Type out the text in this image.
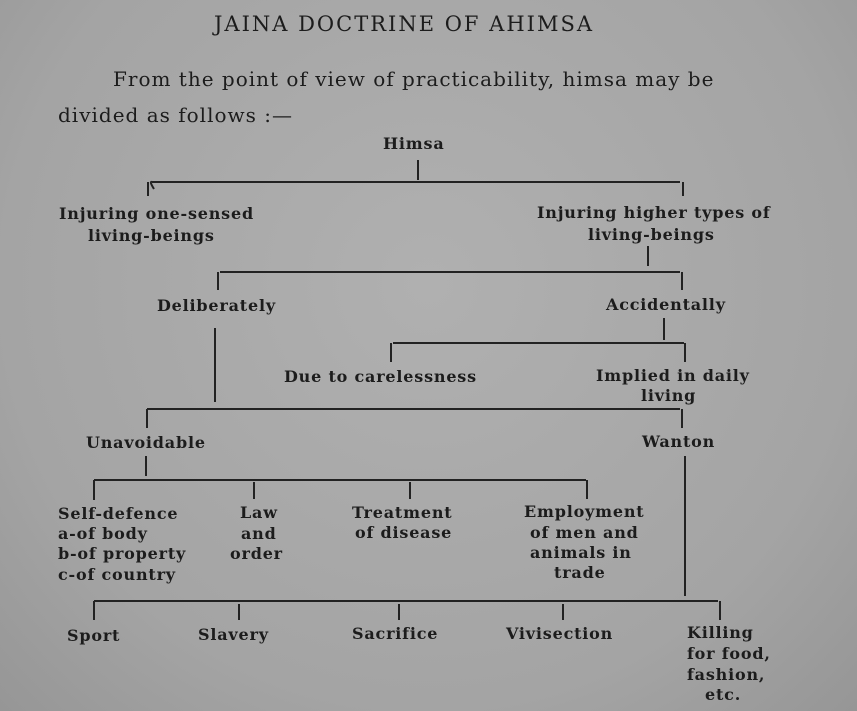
JAINA DOCTRINE OF AHIMSA
From the point of view of practicability, himsa may be
divided as follows :—
Himsa
Injuring one-sensed
living-beings
Injuring higher types of
living-beings
Deliberately	Accidentally
Due to carelessness	Implied in daily
living
Unavoidable	Wanton
Self-defence
a-of body
b-of property
c-of country
Law
and
order
Treatment
of disease
Employment
of men and
animals in
trade
Sport	Slavery	Sacrifice	Vivisection	Killing
for food,
fashion,
etc.
